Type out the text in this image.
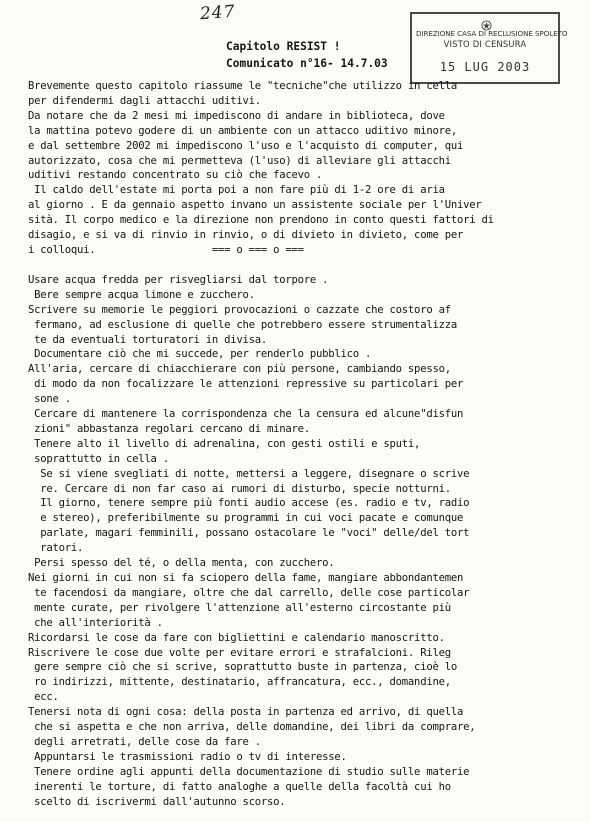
247
DIREZIONE CASA DI RECLUSIONE SPOLETO
VISTO DI CENSURA
15 LUG 2003
Capitolo RESIST !
Comunicato n°16- 14.7.03

Brevemente questo capitolo riassume le "tecniche"che utilizzo in cella

per difendermi dagli attacchi uditivi.

Da notare che da 2 mesi mi impediscono di andare in biblioteca, dove

la mattina potevo godere di un ambiente con un attacco uditivo minore,

e dal settembre 2002 mi impediscono l'uso e l'acquisto di computer, qui

autorizzato, cosa che mi permetteva (l'uso) di alleviare gli attacchi

uditivi restando concentrato su ciò che facevo .

Il caldo dell'estate mi porta poi a non fare più di 1-2 ore di aria

al giorno . E da gennaio aspetto invano un assistente sociale per l'Univer

sità. Il corpo medico e la direzione non prendono in conto questi fattori di

disagio, e si va di rinvio in rinvio, o di divieto in divieto, come per

i colloqui.                   === o === o ===

Usare acqua fredda per risvegliarsi dal torpore .

Bere sempre acqua limone e zucchero.

Scrivere su memorie le peggiori provocazioni o cazzate che costoro af

fermano, ad esclusione di quelle che potrebbero essere strumentalizza

te da eventuali torturatori in divisa.

Documentare ciò che mi succede, per renderlo pubblico .

All'aria, cercare di chiacchierare con più persone, cambiando spesso,

di modo da non focalizzare le attenzioni repressive su particolari per

sone .

Cercare di mantenere la corrispondenza che la censura ed alcune"disfun

zioni" abbastanza regolari cercano di minare.

Tenere alto il livello di adrenalina, con gesti ostili e sputi,

soprattutto in cella .

Se si viene svegliati di notte, mettersi a leggere, disegnare o scrive

re. Cercare di non far caso ai rumori di disturbo, specie notturni.

Il giorno, tenere sempre più fonti audio accese (es. radio e tv, radio

e stereo), preferibilmente su programmi in cui voci pacate e comunque

parlate, magari femminili, possano ostacolare le "voci" delle/del tort

ratori.

Persi spesso del té, o della menta, con zucchero.

Nei giorni in cui non si fa sciopero della fame, mangiare abbondantemen

te facendosi da mangiare, oltre che dal carrello, delle cose particolar

mente curate, per rivolgere l'attenzione all'esterno circostante più

che all'interiorità .

Ricordarsi le cose da fare con bigliettini e calendario manoscritto.

Riscrivere le cose due volte per evitare errori e strafalcioni. Rileg

gere sempre ciò che si scrive, soprattutto buste in partenza, cioè lo

ro indirizzi, mittente, destinatario, affrancatura, ecc., domandine,

ecc.

Tenersi nota di ogni cosa: della posta in partenza ed arrivo, di quella

che si aspetta e che non arriva, delle domandine, dei libri da comprare,

degli arretrati, delle cose da fare .

Appuntarsi le trasmissioni radio o tv di interesse.

Tenere ordine agli appunti della documentazione di studio sulle materie

inerenti le torture, di fatto analoghe a quelle della facoltà cui ho

scelto di iscrivermi dall'autunno scorso.
